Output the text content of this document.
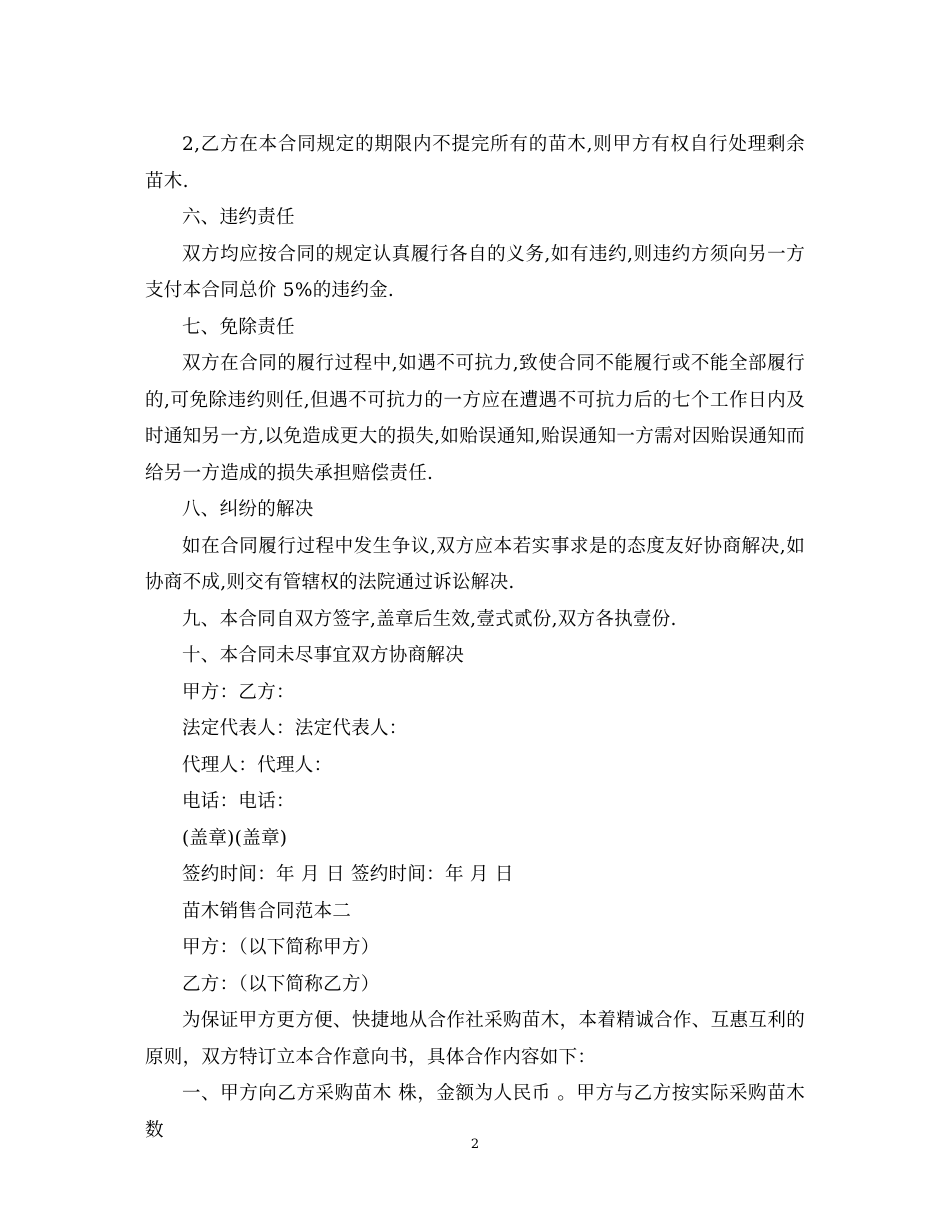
2,乙方在本合同规定的期限内不提完所有的苗木,则甲方有权自行处理剩余苗木.

六、违约责任

双方均应按合同的规定认真履行各自的义务,如有违约,则违约方须向另一方支付本合同总价 5%的违约金.

七、免除责任

双方在合同的履行过程中,如遇不可抗力,致使合同不能履行或不能全部履行的,可免除违约则任,但遇不可抗力的一方应在遭遇不可抗力后的七个工作日内及时通知另一方,以免造成更大的损失,如贻误通知,贻误通知一方需对因贻误通知而给另一方造成的损失承担赔偿责任.

八、纠纷的解决

如在合同履行过程中发生争议,双方应本若实事求是的态度友好协商解决,如协商不成,则交有管辖权的法院通过诉讼解决.

九、本合同自双方签字,盖章后生效,壹式贰份,双方各执壹份.

十、本合同未尽事宜双方协商解决

甲方：乙方：

法定代表人：法定代表人：

代理人：代理人：

电话：电话：

(盖章)(盖章)

签约时间：年 月 日 签约时间：年 月 日

苗木销售合同范本二

甲方：（以下简称甲方）

乙方：（以下简称乙方）

为保证甲方更方便、快捷地从合作社采购苗木，本着精诚合作、互惠互利的原则，双方特订立本合作意向书，具体合作内容如下：

一、甲方向乙方采购苗木 株，金额为人民币 。甲方与乙方按实际采购苗木数

2
